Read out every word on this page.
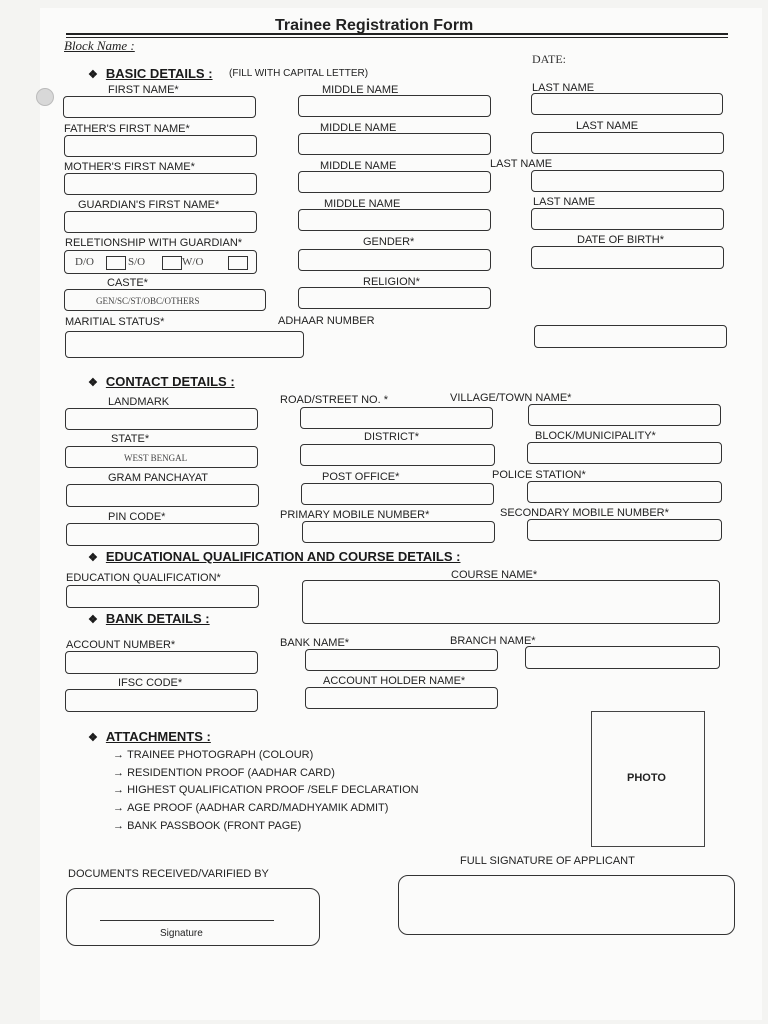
Trainee Registration Form
Block Name :
DATE:
❖ BASIC DETAILS : (FILL WITH CAPITAL LETTER)
FIRST NAME*	MIDDLE NAME	LAST NAME
FATHER'S FIRST NAME*	MIDDLE NAME	LAST NAME
MOTHER'S FIRST NAME*	MIDDLE NAME	LAST NAME
GUARDIAN'S FIRST NAME*	MIDDLE NAME	LAST NAME
RELETIONSHIP WITH GUARDIAN*	GENDER*	DATE OF BIRTH*
D/O	S/O	W/O
CASTE*	RELIGION*
GEN/SC/ST/OBC/OTHERS
MARITIAL STATUS*	ADHAAR NUMBER
❖ CONTACT DETAILS :
LANDMARK	ROAD/STREET NO. *	VILLAGE/TOWN NAME*
STATE*	DISTRICT*	BLOCK/MUNICIPALITY*
WEST BENGAL
GRAM PANCHAYAT	POST OFFICE*	POLICE STATION*
PIN CODE*	PRIMARY MOBILE NUMBER*	SECONDARY MOBILE NUMBER*
❖ EDUCATIONAL QUALIFICATION AND COURSE DETAILS :
EDUCATION QUALIFICATION*	COURSE NAME*
❖ BANK DETAILS :
ACCOUNT NUMBER*	BANK NAME*	BRANCH NAME*
IFSC CODE*	ACCOUNT HOLDER NAME*
❖ ATTACHMENTS :
→ TRAINEE PHOTOGRAPH (COLOUR)
→ RESIDENTION PROOF (AADHAR CARD)
→ HIGHEST QUALIFICATION PROOF /SELF DECLARATION
→ AGE PROOF (AADHAR CARD/MADHYAMIK ADMIT)
→ BANK PASSBOOK (FRONT PAGE)
PHOTO
DOCUMENTS RECEIVED/VARIFIED BY
FULL SIGNATURE OF APPLICANT
Signature
